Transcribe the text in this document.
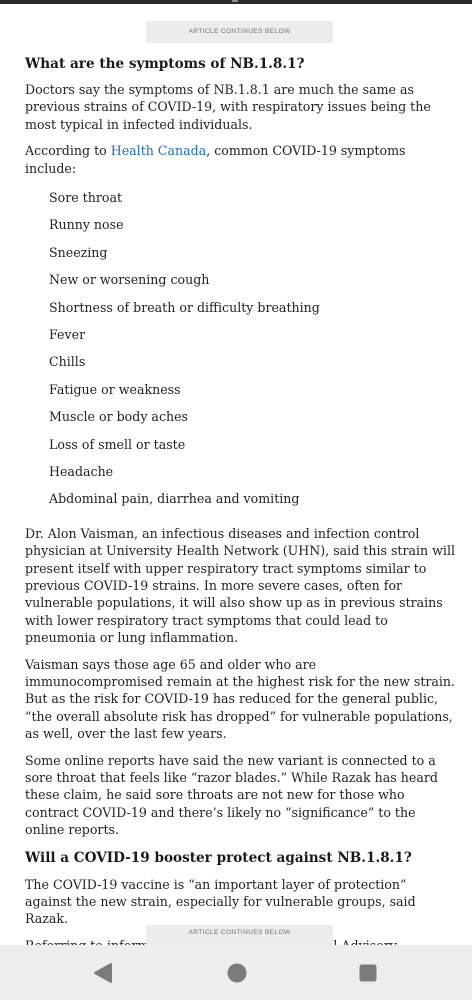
ARTICLE CONTINUES BELOW
What are the symptoms of NB.1.8.1?

Doctors say the symptoms of NB.1.8.1 are much the same as previous strains of COVID-19, with respiratory issues being the most typical in infected individuals.

According to Health Canada, common COVID-19 symptoms include:

Sore throat
Runny nose
Sneezing
New or worsening cough
Shortness of breath or difficulty breathing
Fever
Chills
Fatigue or weakness
Muscle or body aches
Loss of smell or taste
Headache
Abdominal pain, diarrhea and vomiting

Dr. Alon Vaisman, an infectious diseases and infection control physician at University Health Network (UHN), said this strain will present itself with upper respiratory tract symptoms similar to previous COVID-19 strains. In more severe cases, often for vulnerable populations, it will also show up as in previous strains with lower respiratory tract symptoms that could lead to pneumonia or lung inflammation.

Vaisman says those age 65 and older who are immunocompromised remain at the highest risk for the new strain. But as the risk for COVID-19 has reduced for the general public, “the overall absolute risk has dropped” for vulnerable populations, as well, over the last few years.

Some online reports have said the new variant is connected to a sore throat that feels like “razor blades.” While Razak has heard these claim, he said sore throats are not new for those who contract COVID-19 and there’s likely no “significance” to the online reports.

Will a COVID-19 booster protect against NB.1.8.1?

The COVID-19 vaccine is “an important layer of protection” against the new strain, especially for vulnerable groups, said Razak.

ARTICLE CONTINUES BELOW
